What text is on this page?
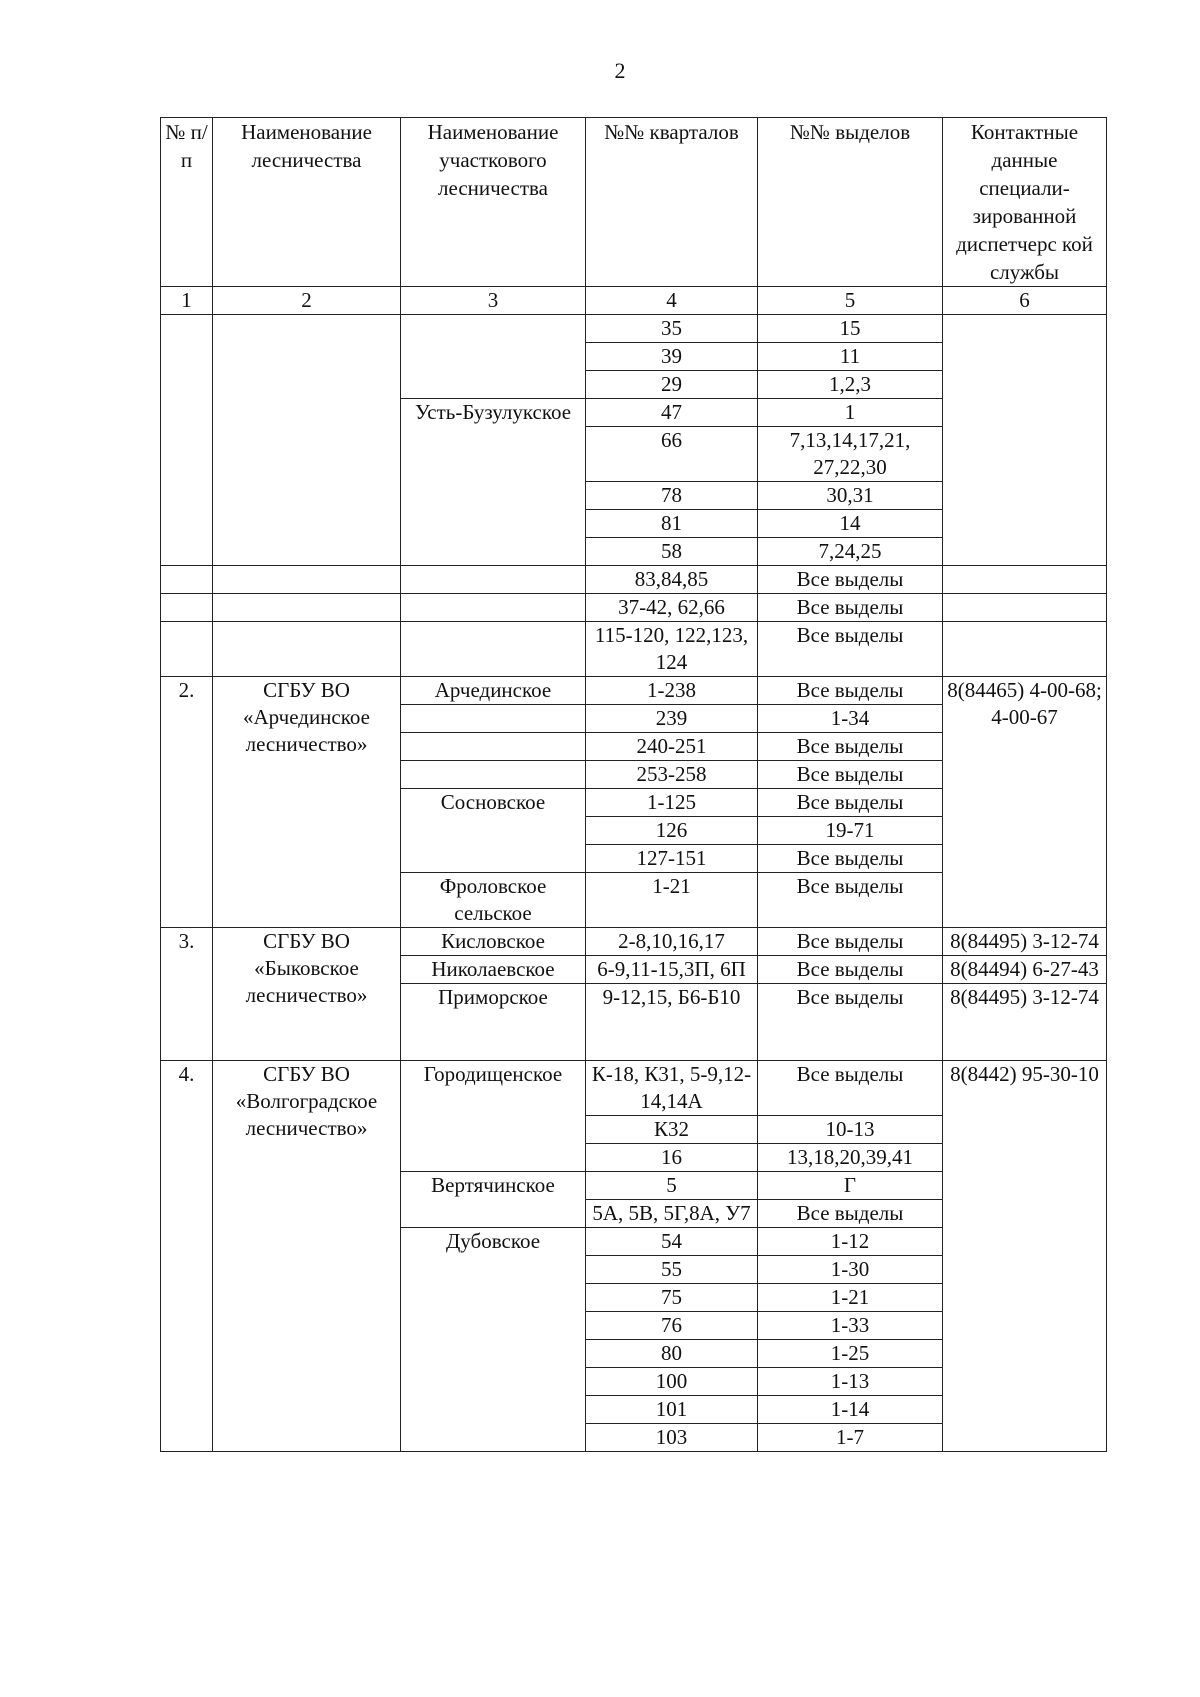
2
№ п/п	Наименование лесничества	Наименование участкового лесничества	№№ кварталов	№№ выделов	Контактные данные специали-зированной диспетчерс кой службы
1	2	3	4	5	6
			35	15	
			39	11	
			29	1,2,3	
		Усть-Бузулукское	47	1	
			66	7,13,14,17,21, 27,22,30	
			78	30,31	
			81	14	
			58	7,24,25	
			83,84,85	Все выделы	
			37-42, 62,66	Все выделы	
			115-120, 122,123, 124	Все выделы	
2.	СГБУ ВО «Арчединское лесничество»	Арчединское	1-238	Все выделы	8(84465) 4-00-68; 4-00-67
			239	1-34	
			240-251	Все выделы	
			253-258	Все выделы	
		Сосновское	1-125	Все выделы	
			126	19-71	
			127-151	Все выделы	
		Фроловское сельское	1-21	Все выделы	
3.	СГБУ ВО «Быковское лесничество»	Кисловское	2-8,10,16,17	Все выделы	8(84495) 3-12-74
		Николаевское	6-9,11-15,3П, 6П	Все выделы	8(84494) 6-27-43
		Приморское	9-12,15, Б6-Б10	Все выделы	8(84495) 3-12-74
4.	СГБУ ВО «Волгоградское лесничество»	Городищенское	К-18, К31, 5-9,12-14,14А	Все выделы	8(8442) 95-30-10
			К32	10-13	
			16	13,18,20,39,41	
		Вертячинское	5	Г	
			5А, 5В, 5Г,8А, У7	Все выделы	
		Дубовское	54	1-12	
			55	1-30	
			75	1-21	
			76	1-33	
			80	1-25	
			100	1-13	
			101	1-14	
			103	1-7	
